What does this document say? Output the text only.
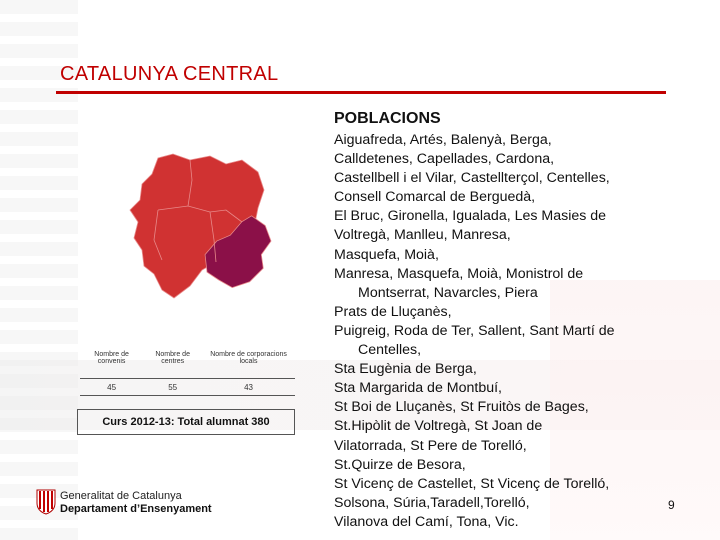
CATALUNYA CENTRAL
Nombre de convenis	Nombre de centres	Nombre de corporacions locals
45	55	43
Curs 2012-13: Total alumnat 380
Generalitat de Catalunya
Departament d’Ensenyament
POBLACIONS
Aiguafreda, Artés, Balenyà, Berga,
Calldetenes, Capellades, Cardona,
Castellbell i el Vilar, Castellterçol, Centelles,
Consell Comarcal de Berguedà,
El Bruc, Gironella, Igualada, Les Masies de
Voltregà, Manlleu, Manresa,
Masquefa, Moià,
Manresa, Masquefa, Moià, Monistrol de
Montserrat, Navarcles, Piera
Prats de Lluçanès,
Puigreig, Roda de Ter, Sallent, Sant Martí de
Centelles,
Sta Eugènia de Berga,
Sta Margarida de Montbuí,
St Boi de Lluçanès, St Fruitòs de Bages,
St.Hipòlit de Voltregà, St Joan de
Vilatorrada, St Pere de Torelló,
St.Quirze de Besora,
St Vicenç de Castellet, St Vicenç de Torelló,
Solsona, Súria,Taradell,Torelló,
Vilanova del Camí, Tona, Vic.
9
